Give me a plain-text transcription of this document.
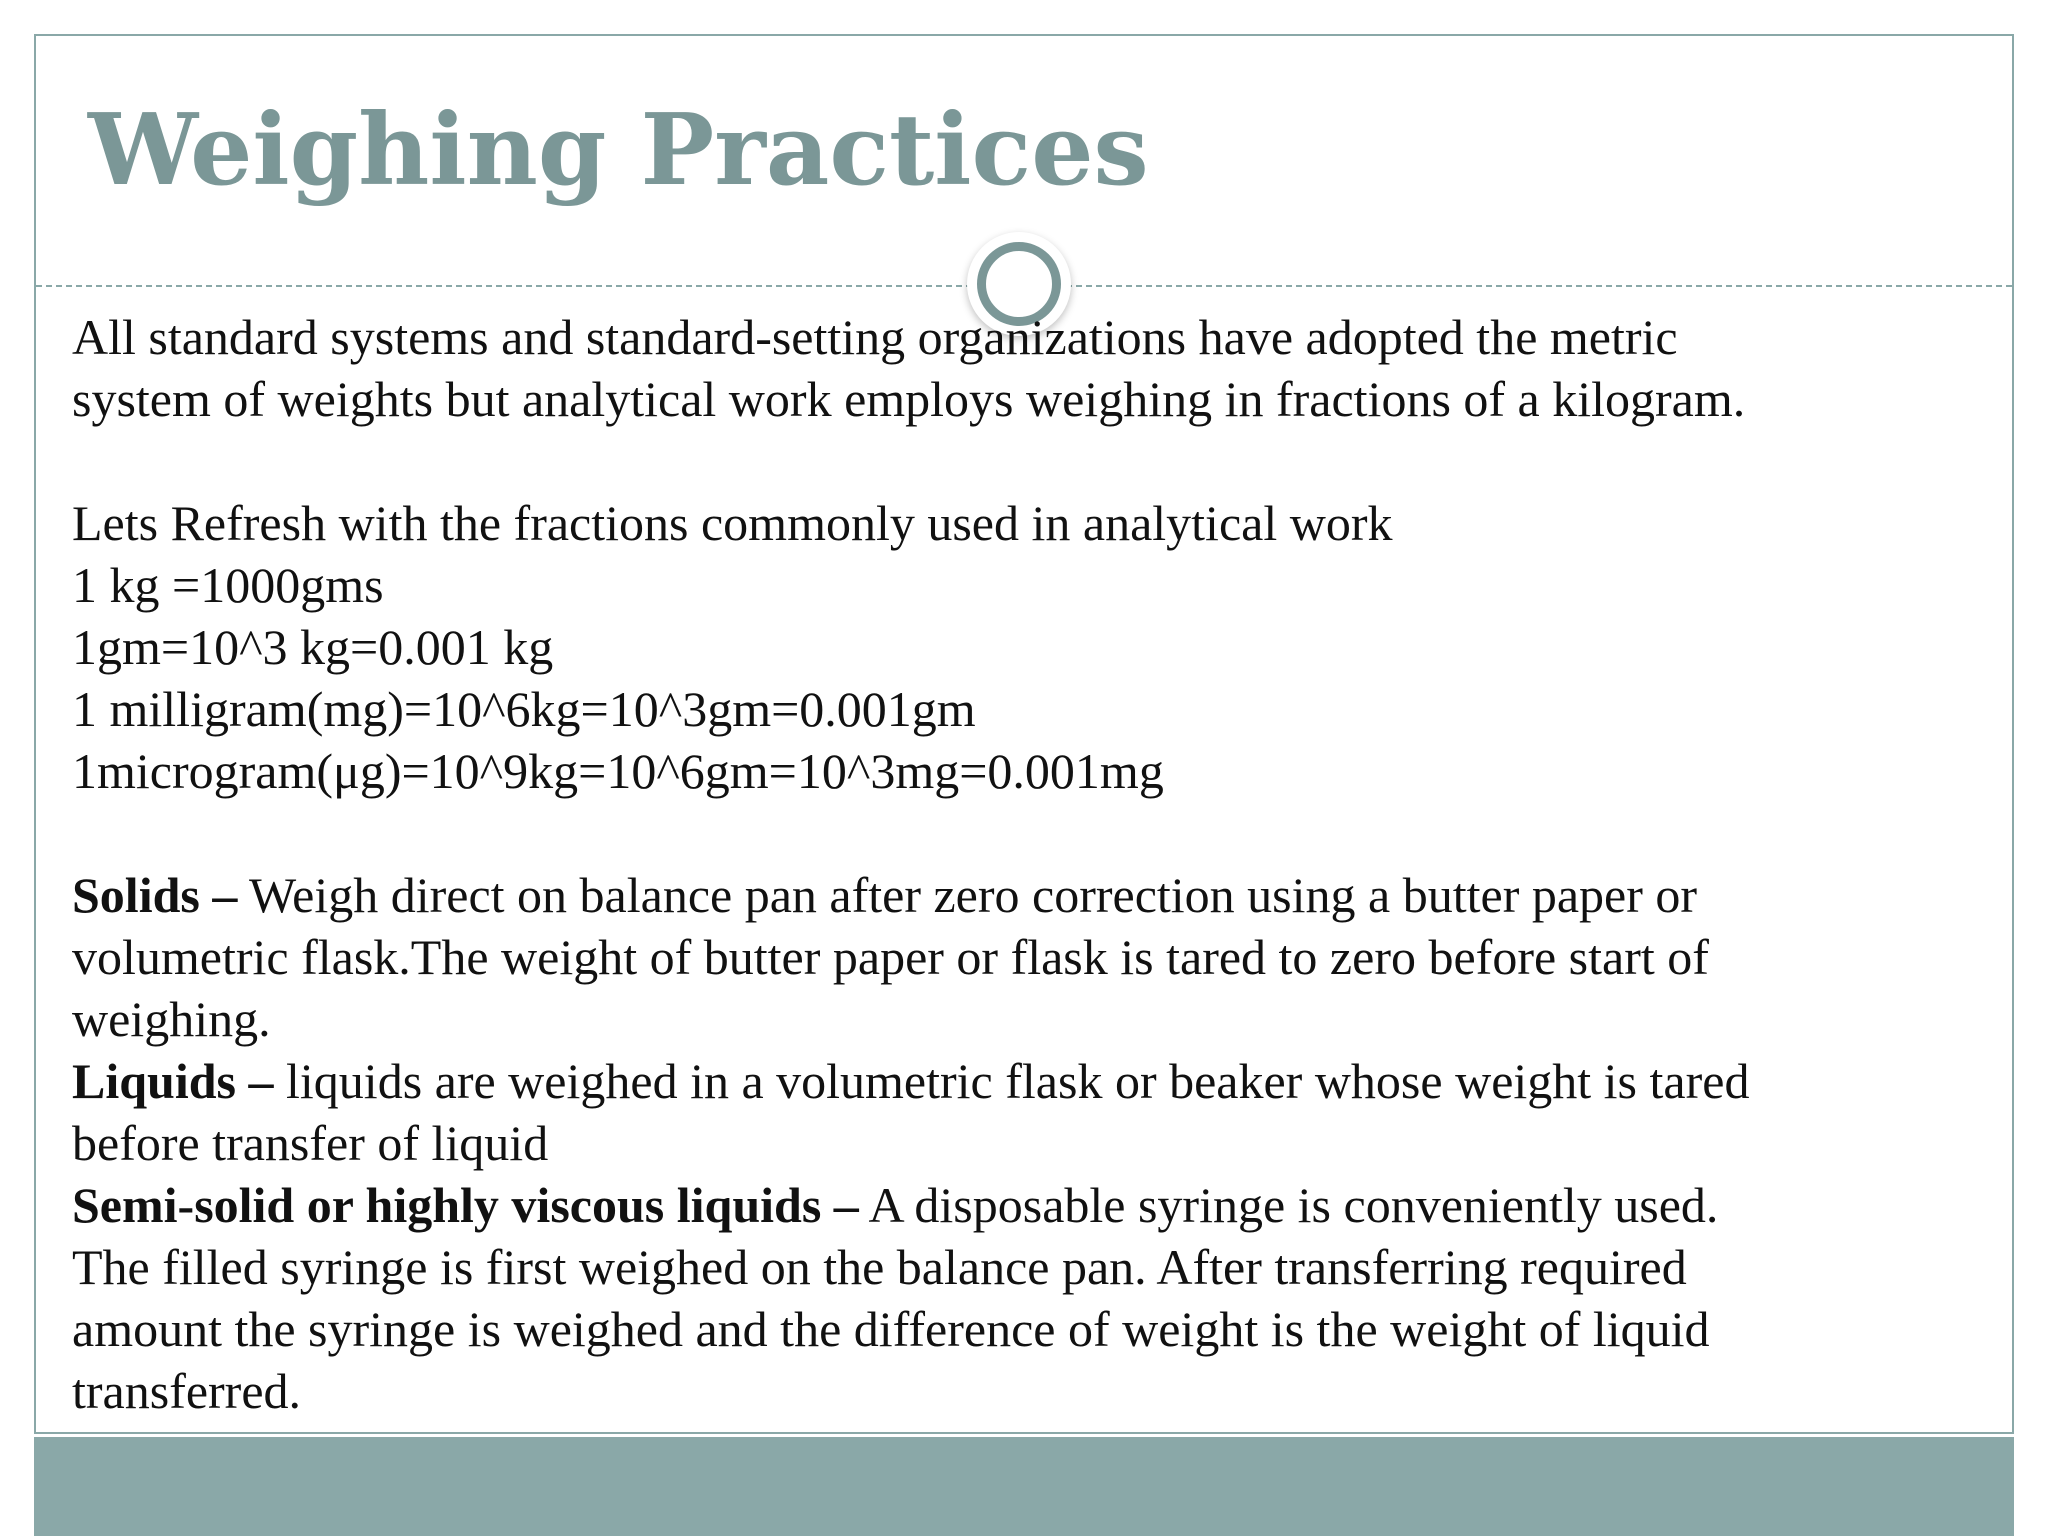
Weighing Practices

All standard systems and standard-setting organizations have adopted the metric

system of weights but analytical work employs weighing in fractions of a kilogram.

Lets Refresh with the fractions commonly used in analytical work

1 kg =1000gms

1gm=10^3 kg=0.001 kg

1 milligram(mg)=10^6kg=10^3gm=0.001gm

1microgram(μg)=10^9kg=10^6gm=10^3mg=0.001mg

Solids – Weigh direct on balance pan after zero correction using a butter paper or

volumetric flask.The weight of butter paper or flask is tared to zero before start of

weighing.

Liquids – liquids are weighed in a volumetric flask or beaker whose weight is tared

before transfer of liquid

Semi-solid or highly viscous liquids – A disposable syringe is conveniently used.

The filled syringe is first weighed on the balance pan. After transferring required

amount the syringe is weighed and the difference of weight is the weight of liquid

transferred.
